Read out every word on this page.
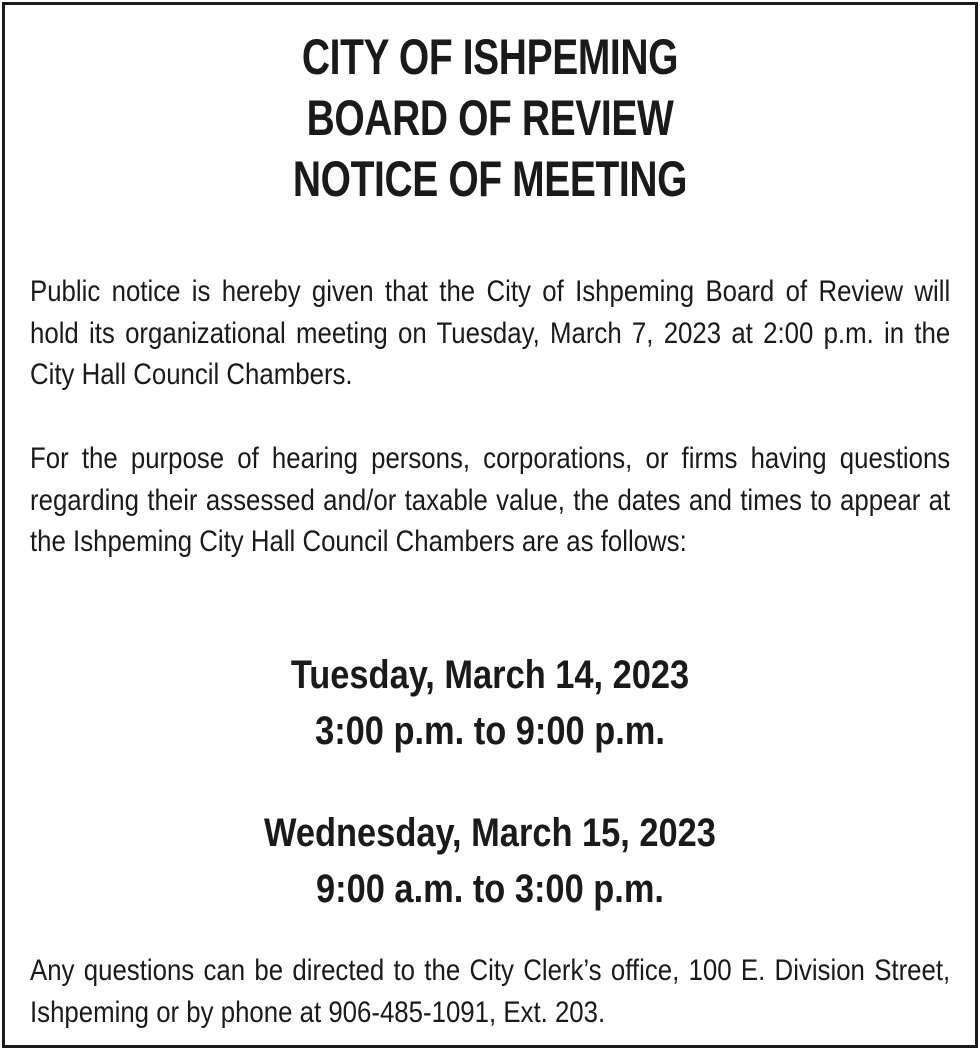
CITY OF ISHPEMING
BOARD OF REVIEW
NOTICE OF MEETING
Public notice is hereby given that the City of Ishpeming Board of Review will hold its organizational meeting on Tuesday, March 7, 2023 at 2:00 p.m. in the City Hall Council Chambers.
For the purpose of hearing persons, corporations, or firms having questions regarding their assessed and/or taxable value, the dates and times to appear at the Ishpeming City Hall Council Chambers are as follows:
Tuesday, March 14, 2023
3:00 p.m. to 9:00 p.m.
Wednesday, March 15, 2023
9:00 a.m. to 3:00 p.m.
Any questions can be directed to the City Clerk’s office, 100 E. Division Street, Ishpeming or by phone at 906-485-1091, Ext. 203.
